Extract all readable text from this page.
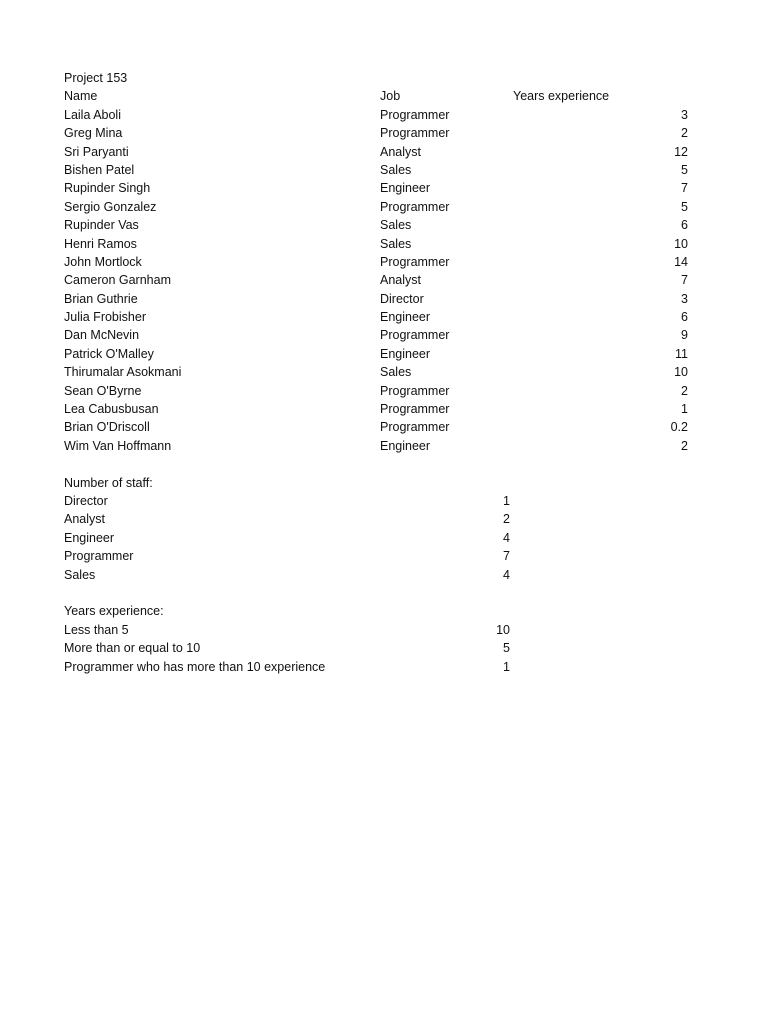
Project 153
Name	Job	Years experience
Laila Aboli	Programmer	3
Greg Mina	Programmer	2
Sri Paryanti	Analyst	12
Bishen Patel	Sales	5
Rupinder Singh	Engineer	7
Sergio Gonzalez	Programmer	5
Rupinder Vas	Sales	6
Henri Ramos	Sales	10
John Mortlock	Programmer	14
Cameron Garnham	Analyst	7
Brian Guthrie	Director	3
Julia Frobisher	Engineer	6
Dan McNevin	Programmer	9
Patrick O'Malley	Engineer	11
Thirumalar Asokmani	Sales	10
Sean O'Byrne	Programmer	2
Lea Cabusbusan	Programmer	1
Brian O'Driscoll	Programmer	0.2
Wim Van Hoffmann	Engineer	2
Number of staff:
Director	1
Analyst	2
Engineer	4
Programmer	7
Sales	4
Years experience:
Less than 5	10
More than or equal to 10	5
Programmer who has more than 10 experience	1
